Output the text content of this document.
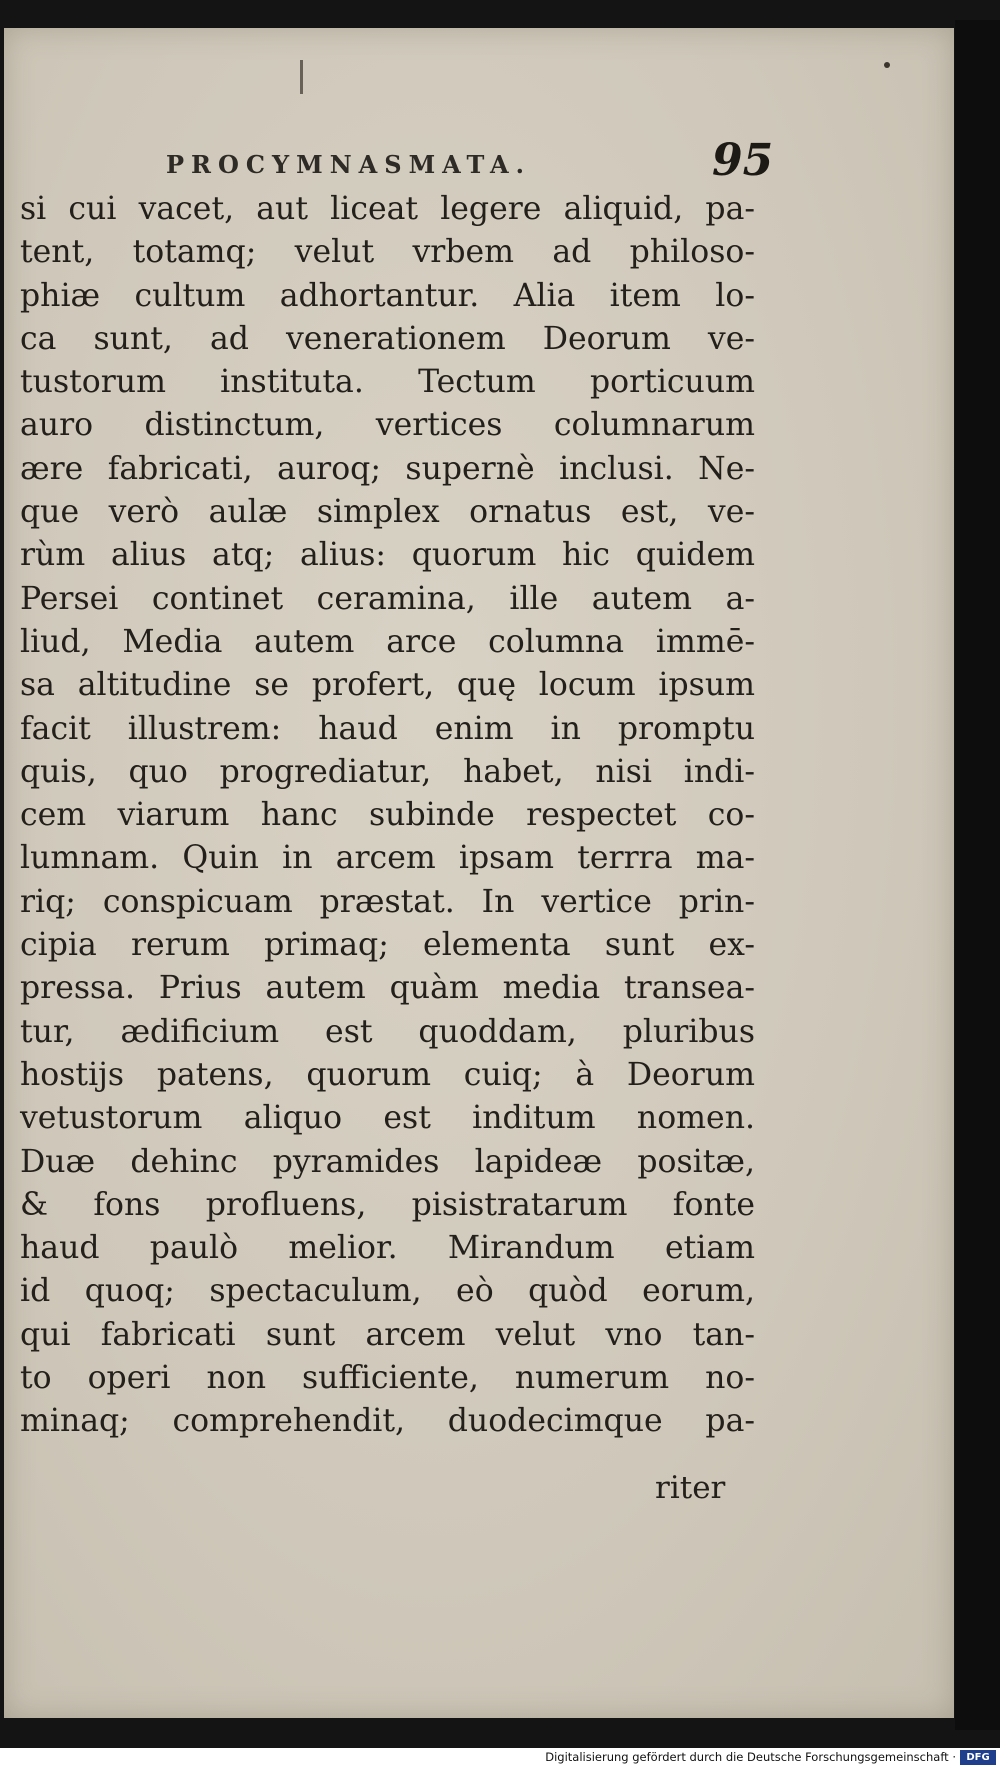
PROCYMNASMATA.	95
si cui vacet, aut liceat legere aliquid, pa-
tent, totamq; velut vrbem ad philoso-
phiæ cultum adhortantur. Alia item lo-
ca sunt, ad venerationem Deorum ve-
tustorum instituta. Tectum porticuum
auro distinctum, vertices columnarum
ære fabricati, auroq; supernè inclusi. Ne-
que verò aulæ simplex ornatus est, ve-
rùm alius atq; alius: quorum hic quidem
Persei continet ceramina, ille autem a-
liud, Media autem arce columna immē-
sa altitudine se profert, quę locum ipsum
facit illustrem: haud enim in promptu
quis, quo progrediatur, habet, nisi indi-
cem viarum hanc subinde respectet co-
lumnam. Quin in arcem ipsam terrra ma-
riq; conspicuam præstat. In vertice prin-
cipia rerum primaq; elementa sunt ex-
pressa. Prius autem quàm media transea-
tur, ædificium est quoddam, pluribus
hostijs patens, quorum cuiq; à Deorum
vetustorum aliquo est inditum nomen.
Duæ dehinc pyramides lapideæ positæ,
& fons profluens, pisistratarum fonte
haud paulò melior. Mirandum etiam
id quoq; spectaculum, eò quòd eorum,
qui fabricati sunt arcem velut vno tan-
to operi non sufficiente, numerum no-
minaq; comprehendit, duodecimque pa-
riter
Digitalisierung gefördert durch die Deutsche Forschungsgemeinschaft ·	DFG
